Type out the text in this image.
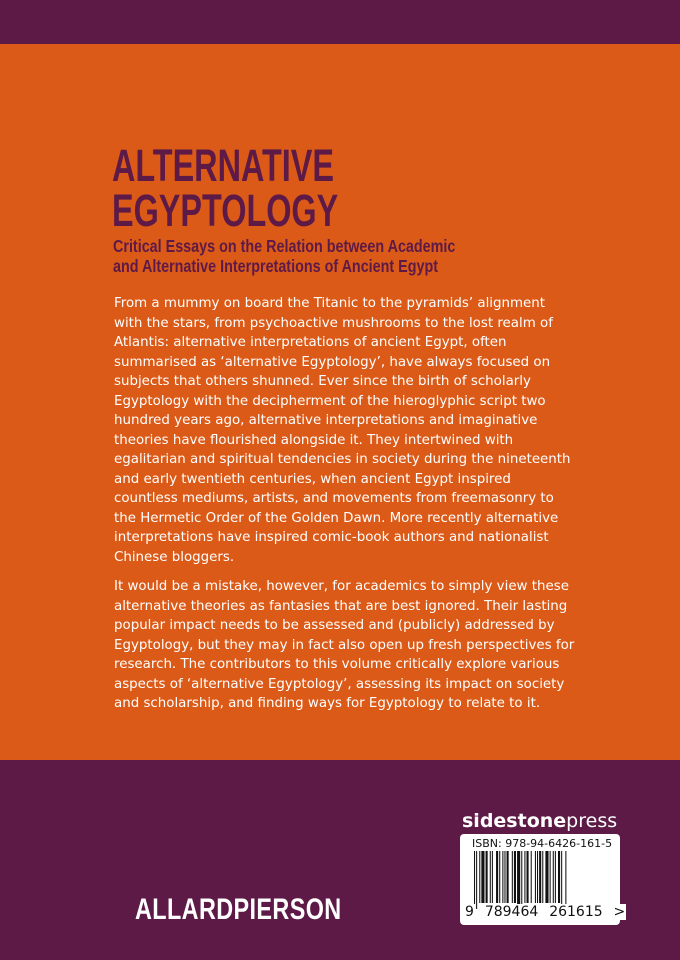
ALTERNATIVE
EGYPTOLOGY
Critical Essays on the Relation between Academic
and Alternative Interpretations of Ancient Egypt

From a mummy on board the Titanic to the pyramids’ alignment with the stars, from psychoactive mushrooms to the lost realm of Atlantis: alternative interpretations of ancient Egypt, often summarised as ‘alternative Egyptology’, have always focused on subjects that others shunned. Ever since the birth of scholarly Egyptology with the decipherment of the hieroglyphic script two hundred years ago, alternative interpretations and imaginative theories have flourished alongside it. They intertwined with egalitarian and spiritual tendencies in society during the nineteenth and early twentieth centuries, when ancient Egypt inspired countless mediums, artists, and movements from freemasonry to the Hermetic Order of the Golden Dawn. More recently alternative interpretations have inspired comic-book authors and nationalist Chinese bloggers.

It would be a mistake, however, for academics to simply view these alternative theories as fantasies that are best ignored. Their lasting popular impact needs to be assessed and (publicly) addressed by Egyptology, but they may in fact also open up fresh perspectives for research. The contributors to this volume critically explore various aspects of ‘alternative Egyptology’, assessing its impact on society and scholarship, and finding ways for Egyptology to relate to it.

ALLARDPIERSON
sidestonepress
ISBN: 978-94-6426-161-5
9 789464 261615 >
